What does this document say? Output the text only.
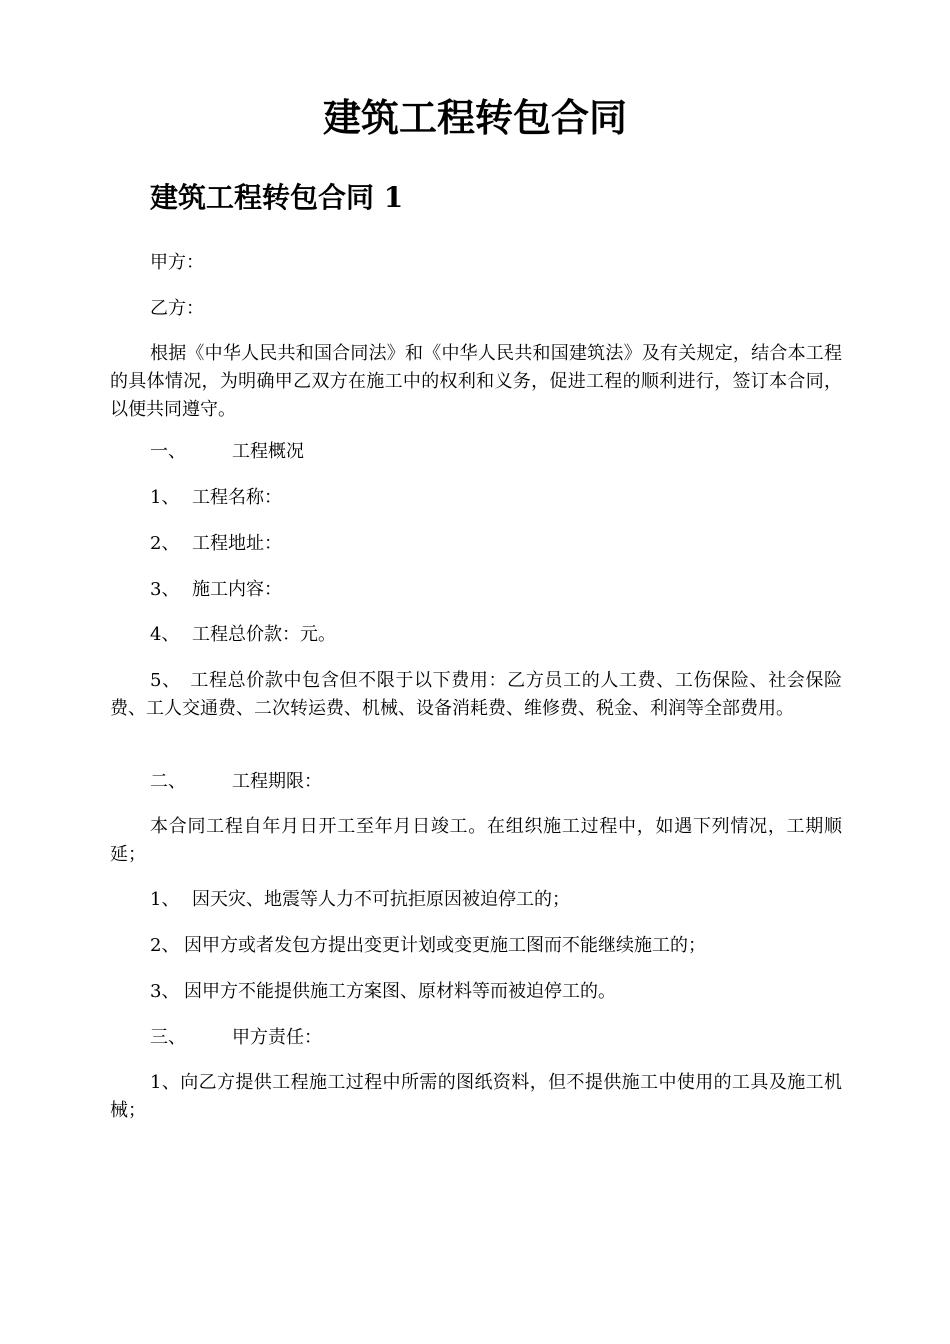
建筑工程转包合同
建筑工程转包合同 1

甲方：

乙方：

根据《中华人民共和国合同法》和《中华人民共和国建筑法》及有关规定，结合本工程的具体情况，为明确甲乙双方在施工中的权利和义务，促进工程的顺利进行，签订本合同，以便共同遵守。

一、	工程概况

1、 工程名称：

2、 工程地址：

3、 施工内容：

4、 工程总价款：元。

5、　工程总价款中包含但不限于以下费用：乙方员工的人工费、工伤保险、社会保险费、工人交通费、二次转运费、机械、设备消耗费、维修费、税金、利润等全部费用。

二、	工程期限：

本合同工程自年月日开工至年月日竣工。在组织施工过程中，如遇下列情况，工期顺延；

1、 因天灾、地震等人力不可抗拒原因被迫停工的；

2、 因甲方或者发包方提出变更计划或变更施工图而不能继续施工的；

3、 因甲方不能提供施工方案图、原材料等而被迫停工的。

三、	甲方责任：

1、向乙方提供工程施工过程中所需的图纸资料，但不提供施工中使用的工具及施工机械；
